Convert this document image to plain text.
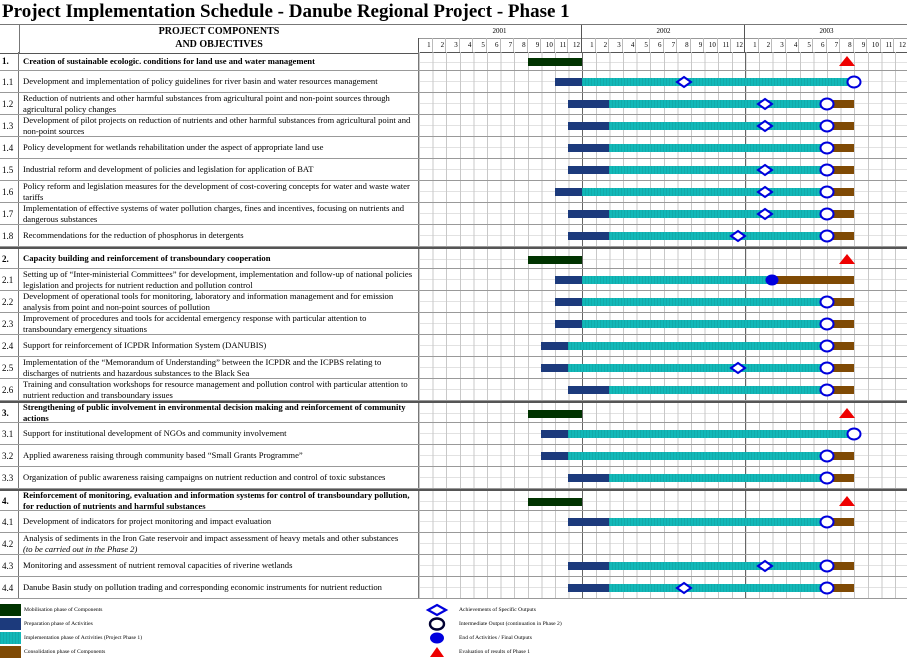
Project Implementation Schedule - Danube Regional Project - Phase 1
PROJECT COMPONENTS
AND OBJECTIVES
2001	2002	2003
1	2	3	4	5	6	7	8	9 10 11 12	1	2	3	4	5	6	7	8	9 10 11 12	1	2	3	4	5	6	7	8	9 10 11 12
1.	Creation of sustainable ecologic. conditions for land use and water management
1.1	Development and implementation of policy guidelines for river basin and water resources management
1.2
Reduction of nutrients and other harmful substances from agricultural point and non-point sources through agricultural policy changes
1.3
Development of pilot projects on reduction of nutrients and other harmful substances from agricultural point and non-point sources
1.4	Policy development for wetlands rehabilitation under the aspect of appropriate land use
1.5	Industrial reform and development of policies and legislation for application of BAT
1.6
Policy reform and legislation measures for the development of cost-covering concepts for water and waste water tariffs
1.7
Implementation of effective systems of water pollution charges, fines and incentives, focusing on nutrients and dangerous substances
1.8	Recommendations for the reduction of phosphorus in detergents
2.	Capacity building and reinforcement of transboundary cooperation
2.1
Setting up of “Inter-ministerial Committees” for development, implementation and follow-up of national policies legislation and projects for nutrient reduction and pollution control
2.2
Development of operational tools for monitoring, laboratory and information management and for emission analysis from point and non-point sources of pollution
2.3
Improvement of procedures and tools for accidental emergency response with particular attention to transboundary emergency situations
2.4	Support for reinforcement of ICPDR Information System (DANUBIS)
2.5
Implementation of the “Memorandum of Understanding” between the ICPDR and the ICPBS relating to discharges of nutrients and hazardous substances to the Black Sea
2.6
Training and consultation workshops for resource management and pollution control with particular attention to nutrient reduction and transboundary issues
3.
Strengthening of public involvement in environmental decision making and reinforcement of community actions
3.1	Support for institutional development of NGOs and community involvement
3.2	Applied awareness raising through community based “Small Grants Programme”
3.3	Organization of public awareness raising campaigns on nutrient reduction and control of toxic substances
4.
Reinforcement of monitoring, evaluation and information systems for control of transboundary pollution, for reduction of nutrients and harmful substances
4.1	Development of indicators for project monitoring and impact evaluation
4.2
Analysis of sediments in the Iron Gate reservoir and impact assessment of heavy metals and other substances
(to be carried out in the Phase 2)
4.3	Monitoring and assessment of nutrient removal capacities of riverine wetlands
4.4	Danube Basin study on pollution trading and corresponding economic instruments for nutrient reduction
Mobilisation phase of Components
Preparation phase of Activities
Implementation phase of Activities (Project Phase 1)
Consolidation phase of Components
Achievements of Specific Outputs
Intermediate Output (continuation in Phase 2)
End of Activities / Final Outputs
Evaluation of results of Phase 1
